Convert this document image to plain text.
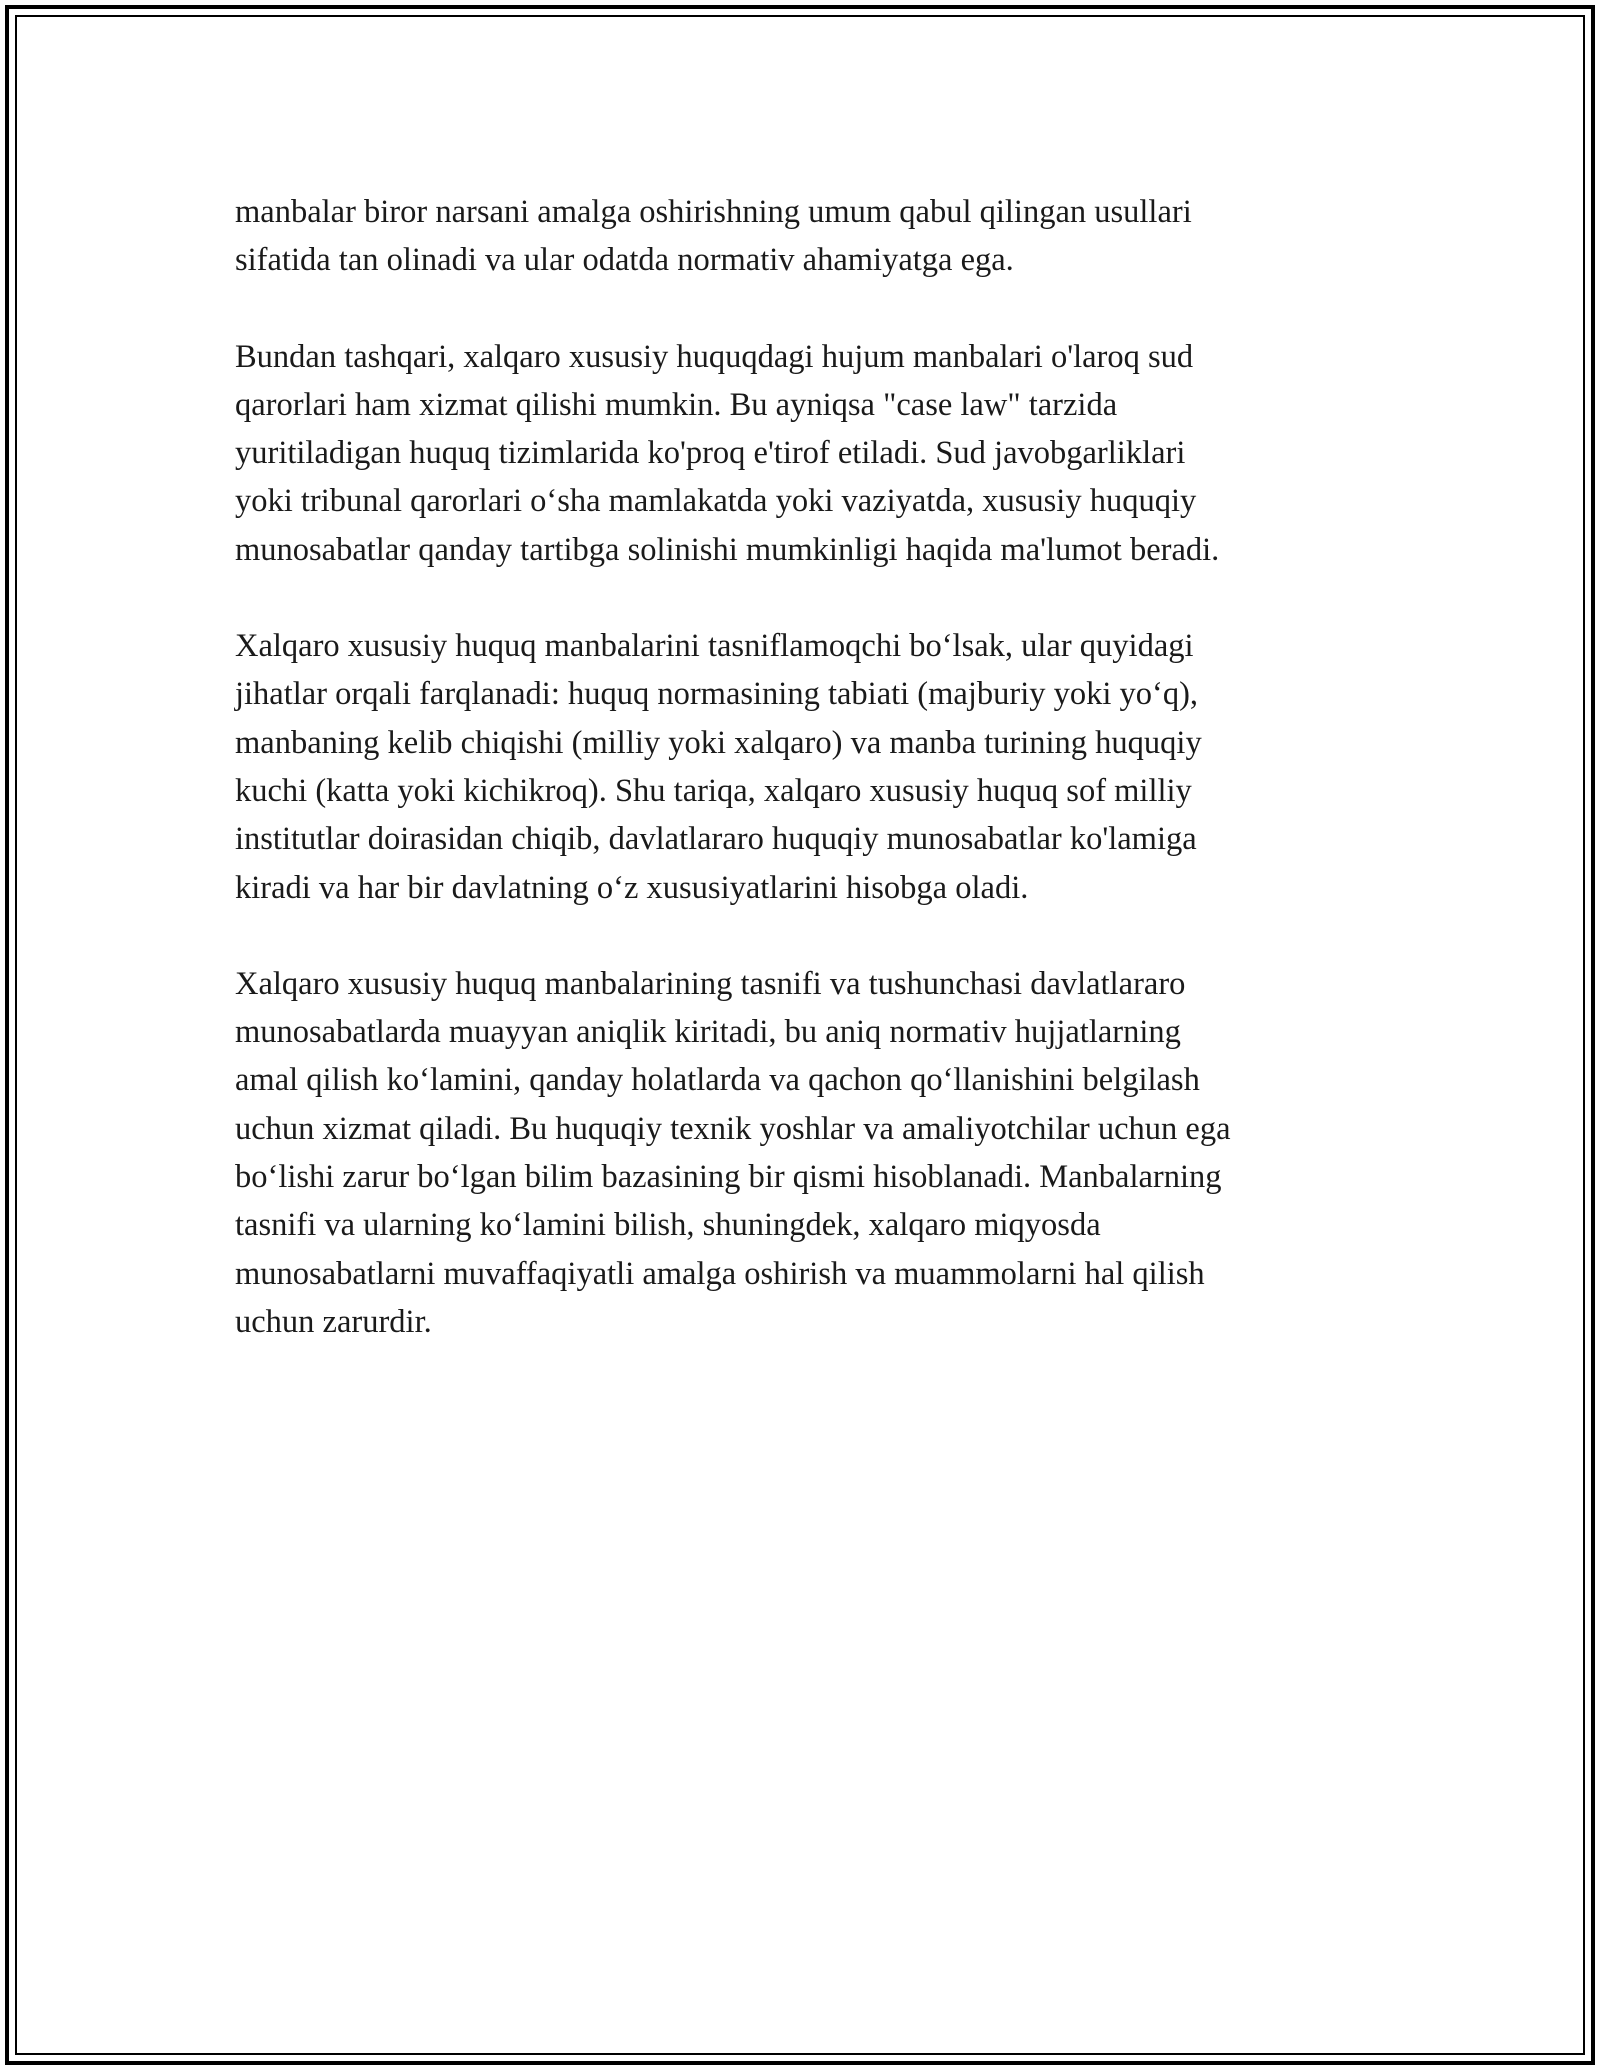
manbalar biror narsani amalga oshirishning umum qabul qilingan usullari
sifatida tan olinadi va ular odatda normativ ahamiyatga ega.

Bundan tashqari, xalqaro xususiy huquqdagi hujum manbalari o'laroq sud
qarorlari ham xizmat qilishi mumkin. Bu ayniqsa "case law" tarzida
yuritiladigan huquq tizimlarida ko'proq e'tirof etiladi. Sud javobgarliklari
yoki tribunal qarorlari o‘sha mamlakatda yoki vaziyatda, xususiy huquqiy
munosabatlar qanday tartibga solinishi mumkinligi haqida ma'lumot beradi.

Xalqaro xususiy huquq manbalarini tasniflamoqchi bo‘lsak, ular quyidagi
jihatlar orqali farqlanadi: huquq normasining tabiati (majburiy yoki yo‘q),
manbaning kelib chiqishi (milliy yoki xalqaro) va manba turining huquqiy
kuchi (katta yoki kichikroq). Shu tariqa, xalqaro xususiy huquq sof milliy
institutlar doirasidan chiqib, davlatlararo huquqiy munosabatlar ko'lamiga
kiradi va har bir davlatning o‘z xususiyatlarini hisobga oladi.

Xalqaro xususiy huquq manbalarining tasnifi va tushunchasi davlatlararo
munosabatlarda muayyan aniqlik kiritadi, bu aniq normativ hujjatlarning
amal qilish ko‘lamini, qanday holatlarda va qachon qo‘llanishini belgilash
uchun xizmat qiladi. Bu huquqiy texnik yoshlar va amaliyotchilar uchun ega
bo‘lishi zarur bo‘lgan bilim bazasining bir qismi hisoblanadi. Manbalarning
tasnifi va ularning ko‘lamini bilish, shuningdek, xalqaro miqyosda
munosabatlarni muvaffaqiyatli amalga oshirish va muammolarni hal qilish
uchun zarurdir.
